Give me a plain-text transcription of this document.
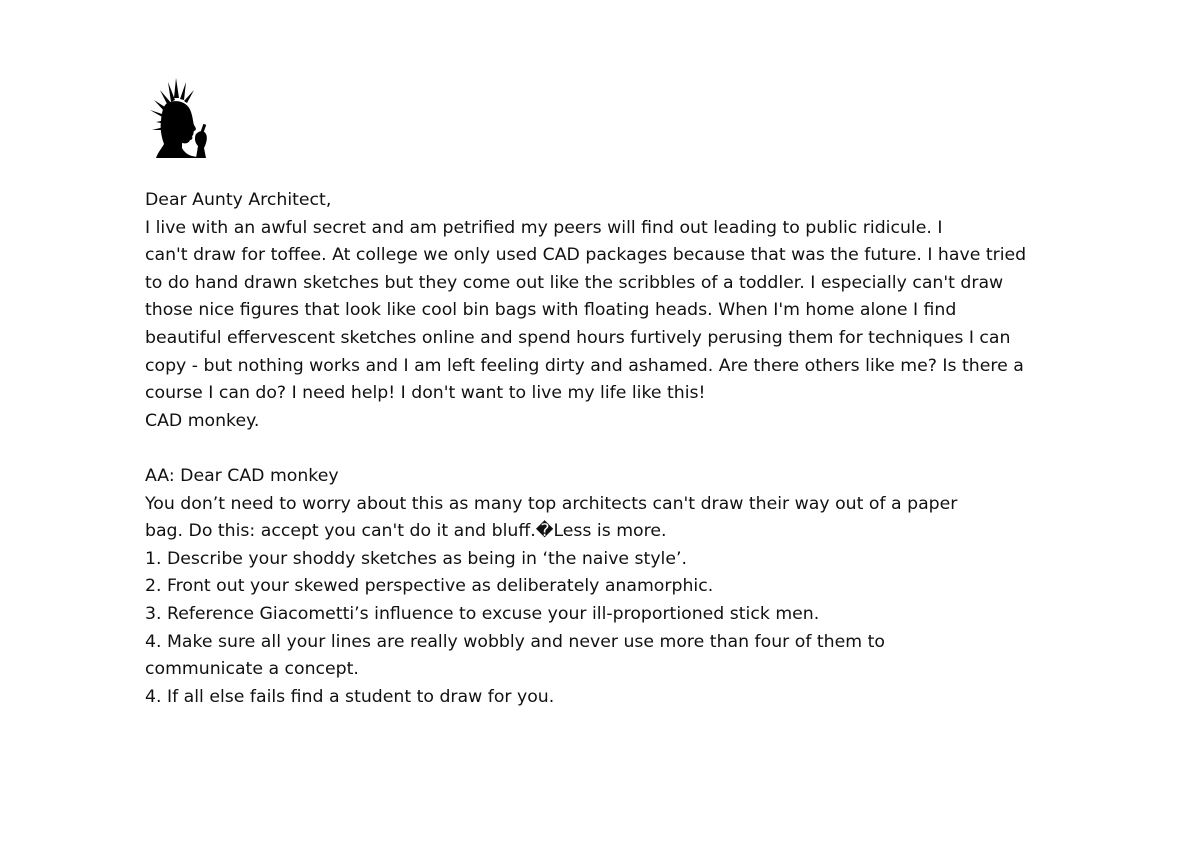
Dear Aunty Architect,
I live with an awful secret and am petrified my peers will find out leading to public ridicule. I
can't draw for toffee. At college we only used CAD packages because that was the future. I have tried
to do hand drawn sketches but they come out like the scribbles of a toddler. I especially can't draw
those nice figures that look like cool bin bags with floating heads. When I'm home alone I find
beautiful effervescent sketches online and spend hours furtively perusing them for techniques I can
copy - but nothing works and I am left feeling dirty and ashamed. Are there others like me? Is there a
course I can do? I need help! I don't want to live my life like this!
CAD monkey.
AA: Dear CAD monkey
You don’t need to worry about this as many top architects can't draw their way out of a paper
bag. Do this: accept you can't do it and bluff.�Less is more.
1. Describe your shoddy sketches as being in ‘the naive style’.
2. Front out your skewed perspective as deliberately anamorphic.
3. Reference Giacometti’s influence to excuse your ill-proportioned stick men.
4. Make sure all your lines are really wobbly and never use more than four of them to
communicate a concept.
4. If all else fails find a student to draw for you.
